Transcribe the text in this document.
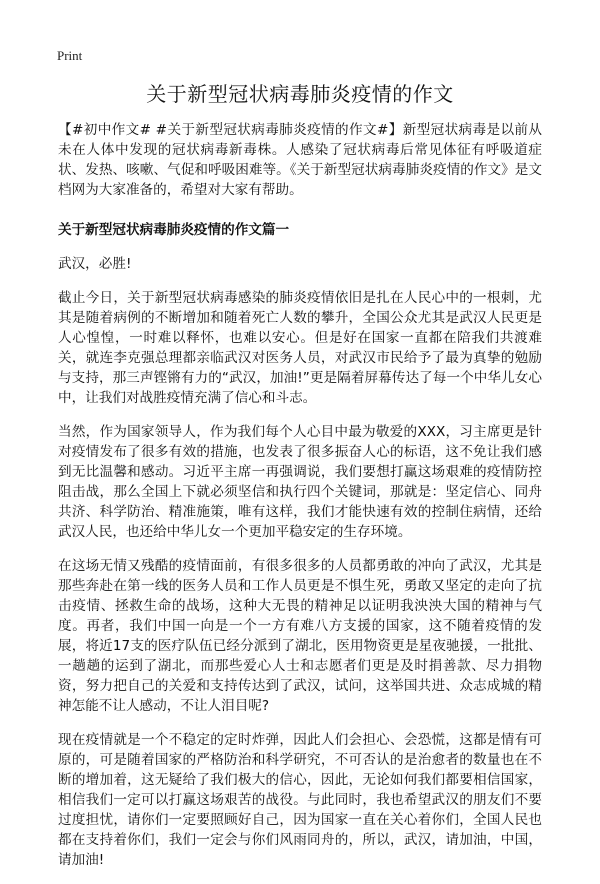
Print
关于新型冠状病毒肺炎疫情的作文

【#初中作文# #关于新型冠状病毒肺炎疫情的作文#】新型冠状病毒是以前从未在人体中发现的冠状病毒新毒株。人感染了冠状病毒后常见体征有呼吸道症状、发热、咳嗽、气促和呼吸困难等。《关于新型冠状病毒肺炎疫情的作文》是文档网为大家准备的，希望对大家有帮助。

关于新型冠状病毒肺炎疫情的作文篇一

武汉，必胜!

截止今日，关于新型冠状病毒感染的肺炎疫情依旧是扎在人民心中的一根刺，尤其是随着病例的不断增加和随着死亡人数的攀升，全国公众尤其是武汉人民更是人心惶惶，一时难以释怀，也难以安心。但是好在国家一直都在陪我们共渡难关，就连李克强总理都亲临武汉对医务人员，对武汉市民给予了最为真挚的勉励与支持，那三声铿锵有力的“武汉，加油!”更是隔着屏幕传达了每一个中华儿女心中，让我们对战胜疫情充满了信心和斗志。

当然，作为国家领导人，作为我们每个人心目中最为敬爱的XXX，习主席更是针对疫情发布了很多有效的措施，也发表了很多振奋人心的标语，这不免让我们感到无比温馨和感动。习近平主席一再强调说，我们要想打赢这场艰难的疫情防控阻击战，那么全国上下就必须坚信和执行四个关键词，那就是：坚定信心、同舟共济、科学防治、精准施策，唯有这样，我们才能快速有效的控制住病情，还给武汉人民，也还给中华儿女一个更加平稳安定的生存环境。

在这场无情又残酷的疫情面前，有很多很多的人员都勇敢的冲向了武汉，尤其是那些奔赴在第一线的医务人员和工作人员更是不惧生死，勇敢又坚定的走向了抗击疫情、拯救生命的战场，这种大无畏的精神足以证明我泱泱大国的精神与气度。再者，我们中国一向是一个一方有难八方支援的国家，这不随着疫情的发展，将近17支的医疗队伍已经分派到了湖北，医用物资更是星夜驰援，一批批、一趟趟的运到了湖北，而那些爱心人士和志愿者们更是及时捐善款、尽力捐物资，努力把自己的关爱和支持传达到了武汉，试问，这举国共进、众志成城的精神怎能不让人感动，不让人泪目呢?

现在疫情就是一个不稳定的定时炸弹，因此人们会担心、会恐慌，这都是情有可原的，可是随着国家的严格防治和科学研究，不可否认的是治愈者的数量也在不断的增加着，这无疑给了我们极大的信心，因此，无论如何我们都要相信国家，相信我们一定可以打赢这场艰苦的战役。与此同时，我也希望武汉的朋友们不要过度担忧，请你们一定要照顾好自己，因为国家一直在关心着你们，全国人民也都在支持着你们，我们一定会与你们风雨同舟的，所以，武汉，请加油，中国，请加油!
